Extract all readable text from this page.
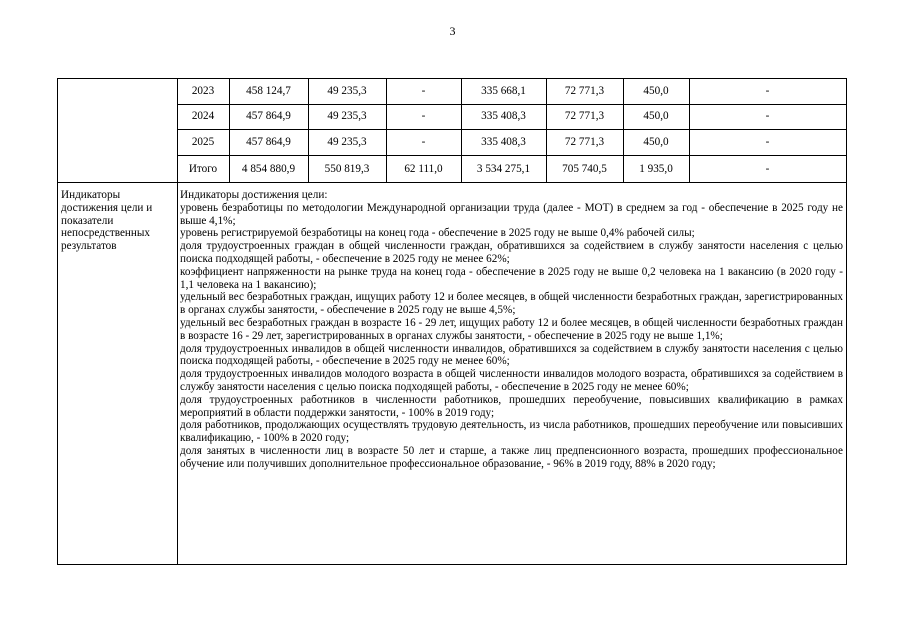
3
2023	458 124,7	49 235,3	-	335 668,1	72 771,3	450,0	-
2024	457 864,9	49 235,3	-	335 408,3	72 771,3	450,0	-
2025	457 864,9	49 235,3	-	335 408,3	72 771,3	450,0	-
Итого	4 854 880,9	550 819,3	62 111,0	3 534 275,1	705 740,5	1 935,0	-
Индикаторы достижения цели и показатели непосредственных результатов
Индикаторы достижения цели:
уровень безработицы по методологии Международной организации труда (далее - МОТ) в среднем за год - обеспечение в 2025 году не выше 4,1%;
уровень регистрируемой безработицы на конец года - обеспечение в 2025 году не выше 0,4% рабочей силы;
доля трудоустроенных граждан в общей численности граждан, обратившихся за содействием в службу занятости населения с целью поиска подходящей работы, - обеспечение в 2025 году не менее 62%;
коэффициент напряженности на рынке труда на конец года - обеспечение в 2025 году не выше 0,2 человека на 1 вакансию (в 2020 году - 1,1 человека на 1 вакансию);
удельный вес безработных граждан, ищущих работу 12 и более месяцев, в общей численности безработных граждан, зарегистрированных в органах службы занятости, - обеспечение в 2025 году не выше 4,5%;
удельный вес безработных граждан в возрасте 16 - 29 лет, ищущих работу 12 и более месяцев, в общей численности безработных граждан в возрасте 16 - 29 лет, зарегистрированных в органах службы занятости, - обеспечение в 2025 году не выше 1,1%;
доля трудоустроенных инвалидов в общей численности инвалидов, обратившихся за содействием в службу занятости населения с целью поиска подходящей работы, - обеспечение в 2025 году не менее 60%;
доля трудоустроенных инвалидов молодого возраста в общей численности инвалидов молодого возраста, обратившихся за содействием в службу занятости населения с целью поиска подходящей работы, - обеспечение в 2025 году не менее 60%;
доля трудоустроенных работников в численности работников, прошедших переобучение, повысивших квалификацию в рамках мероприятий в области поддержки занятости, - 100% в 2019 году;
доля работников, продолжающих осуществлять трудовую деятельность, из числа работников, прошедших переобучение или повысивших квалификацию, - 100% в 2020 году;
доля занятых в численности лиц в возрасте 50 лет и старше, а также лиц предпенсионного возраста, прошедших профессиональное обучение или получивших дополнительное профессиональное образование, - 96% в 2019 году, 88% в 2020 году;
